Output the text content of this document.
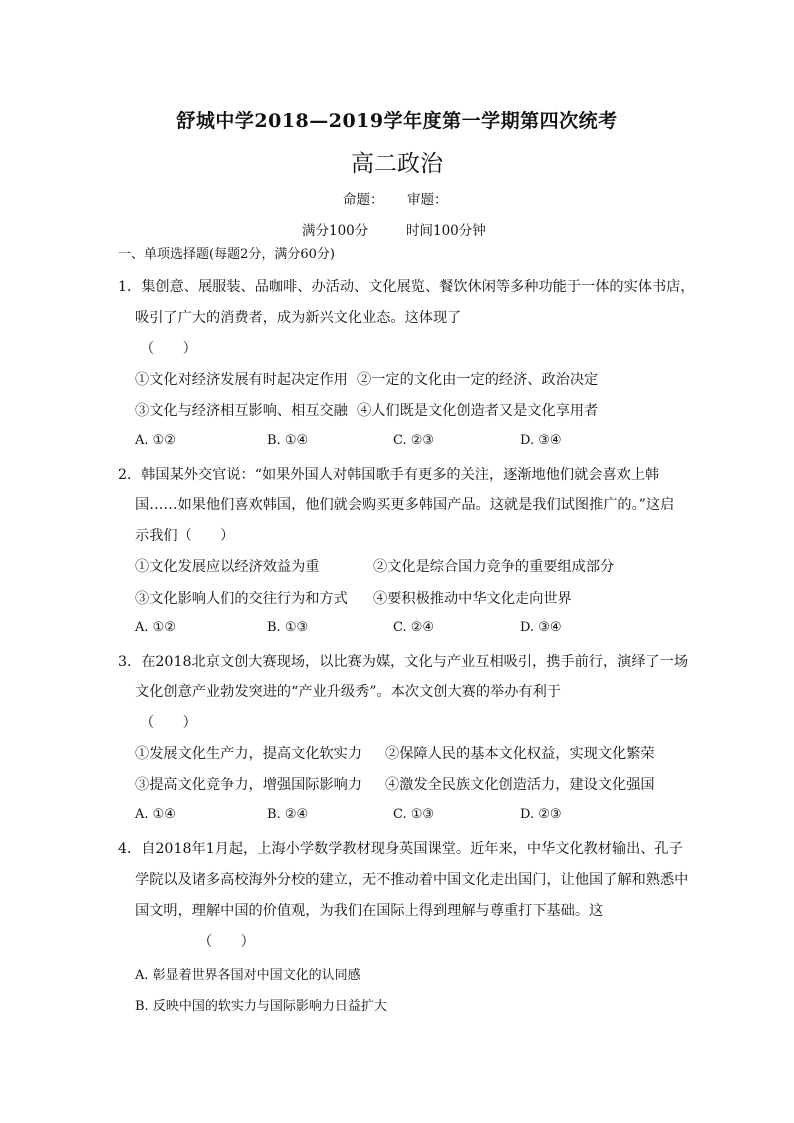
舒城中学2018—2019学年度第一学期第四次统考
高二政治
命题： 审题：
满分100分	时间100分钟
一、单项选择题(每题2分，满分60分)
1．集创意、展服装、品咖啡、办活动、文化展览、餐饮休闲等多种功能于一体的实体书店，
吸引了广大的消费者，成为新兴文化业态。这体现了
（　　）
①文化对经济发展有时起决定作用 ②一定的文化由一定的经济、政治决定
③文化与经济相互影响、相互交融 ④人们既是文化创造者又是文化享用者
A. ①②	B. ①④	C. ②③	D. ③④
2．韩国某外交官说：“如果外国人对韩国歌手有更多的关注，逐渐地他们就会喜欢上韩
国……如果他们喜欢韩国，他们就会购买更多韩国产品。这就是我们试图推广的。”这启
示我们（　　）
①文化发展应以经济效益为重	②文化是综合国力竞争的重要组成部分
③文化影响人们的交往行为和方式 ④要积极推动中华文化走向世界
A. ①②	B. ①③	C. ②④	D. ③④
3．在2018北京文创大赛现场，以比赛为媒，文化与产业互相吸引，携手前行，演绎了一场
文化创意产业勃发突进的“产业升级秀”。本次文创大赛的举办有利于
（　　）
①发展文化生产力，提高文化软实力 ②保障人民的基本文化权益，实现文化繁荣
③提高文化竞争力，增强国际影响力 ④激发全民族文化创造活力，建设文化强国
A. ①④	B. ②④	C. ①③	D. ②③
4．自2018年1月起，上海小学数学教材现身英国课堂。近年来，中华文化教材输出、孔子
学院以及诸多高校海外分校的建立，无不推动着中国文化走出国门，让他国了解和熟悉中
国文明，理解中国的价值观，为我们在国际上得到理解与尊重打下基础。这
（　　）
A. 彰显着世界各国对中国文化的认同感
B. 反映中国的软实力与国际影响力日益扩大
